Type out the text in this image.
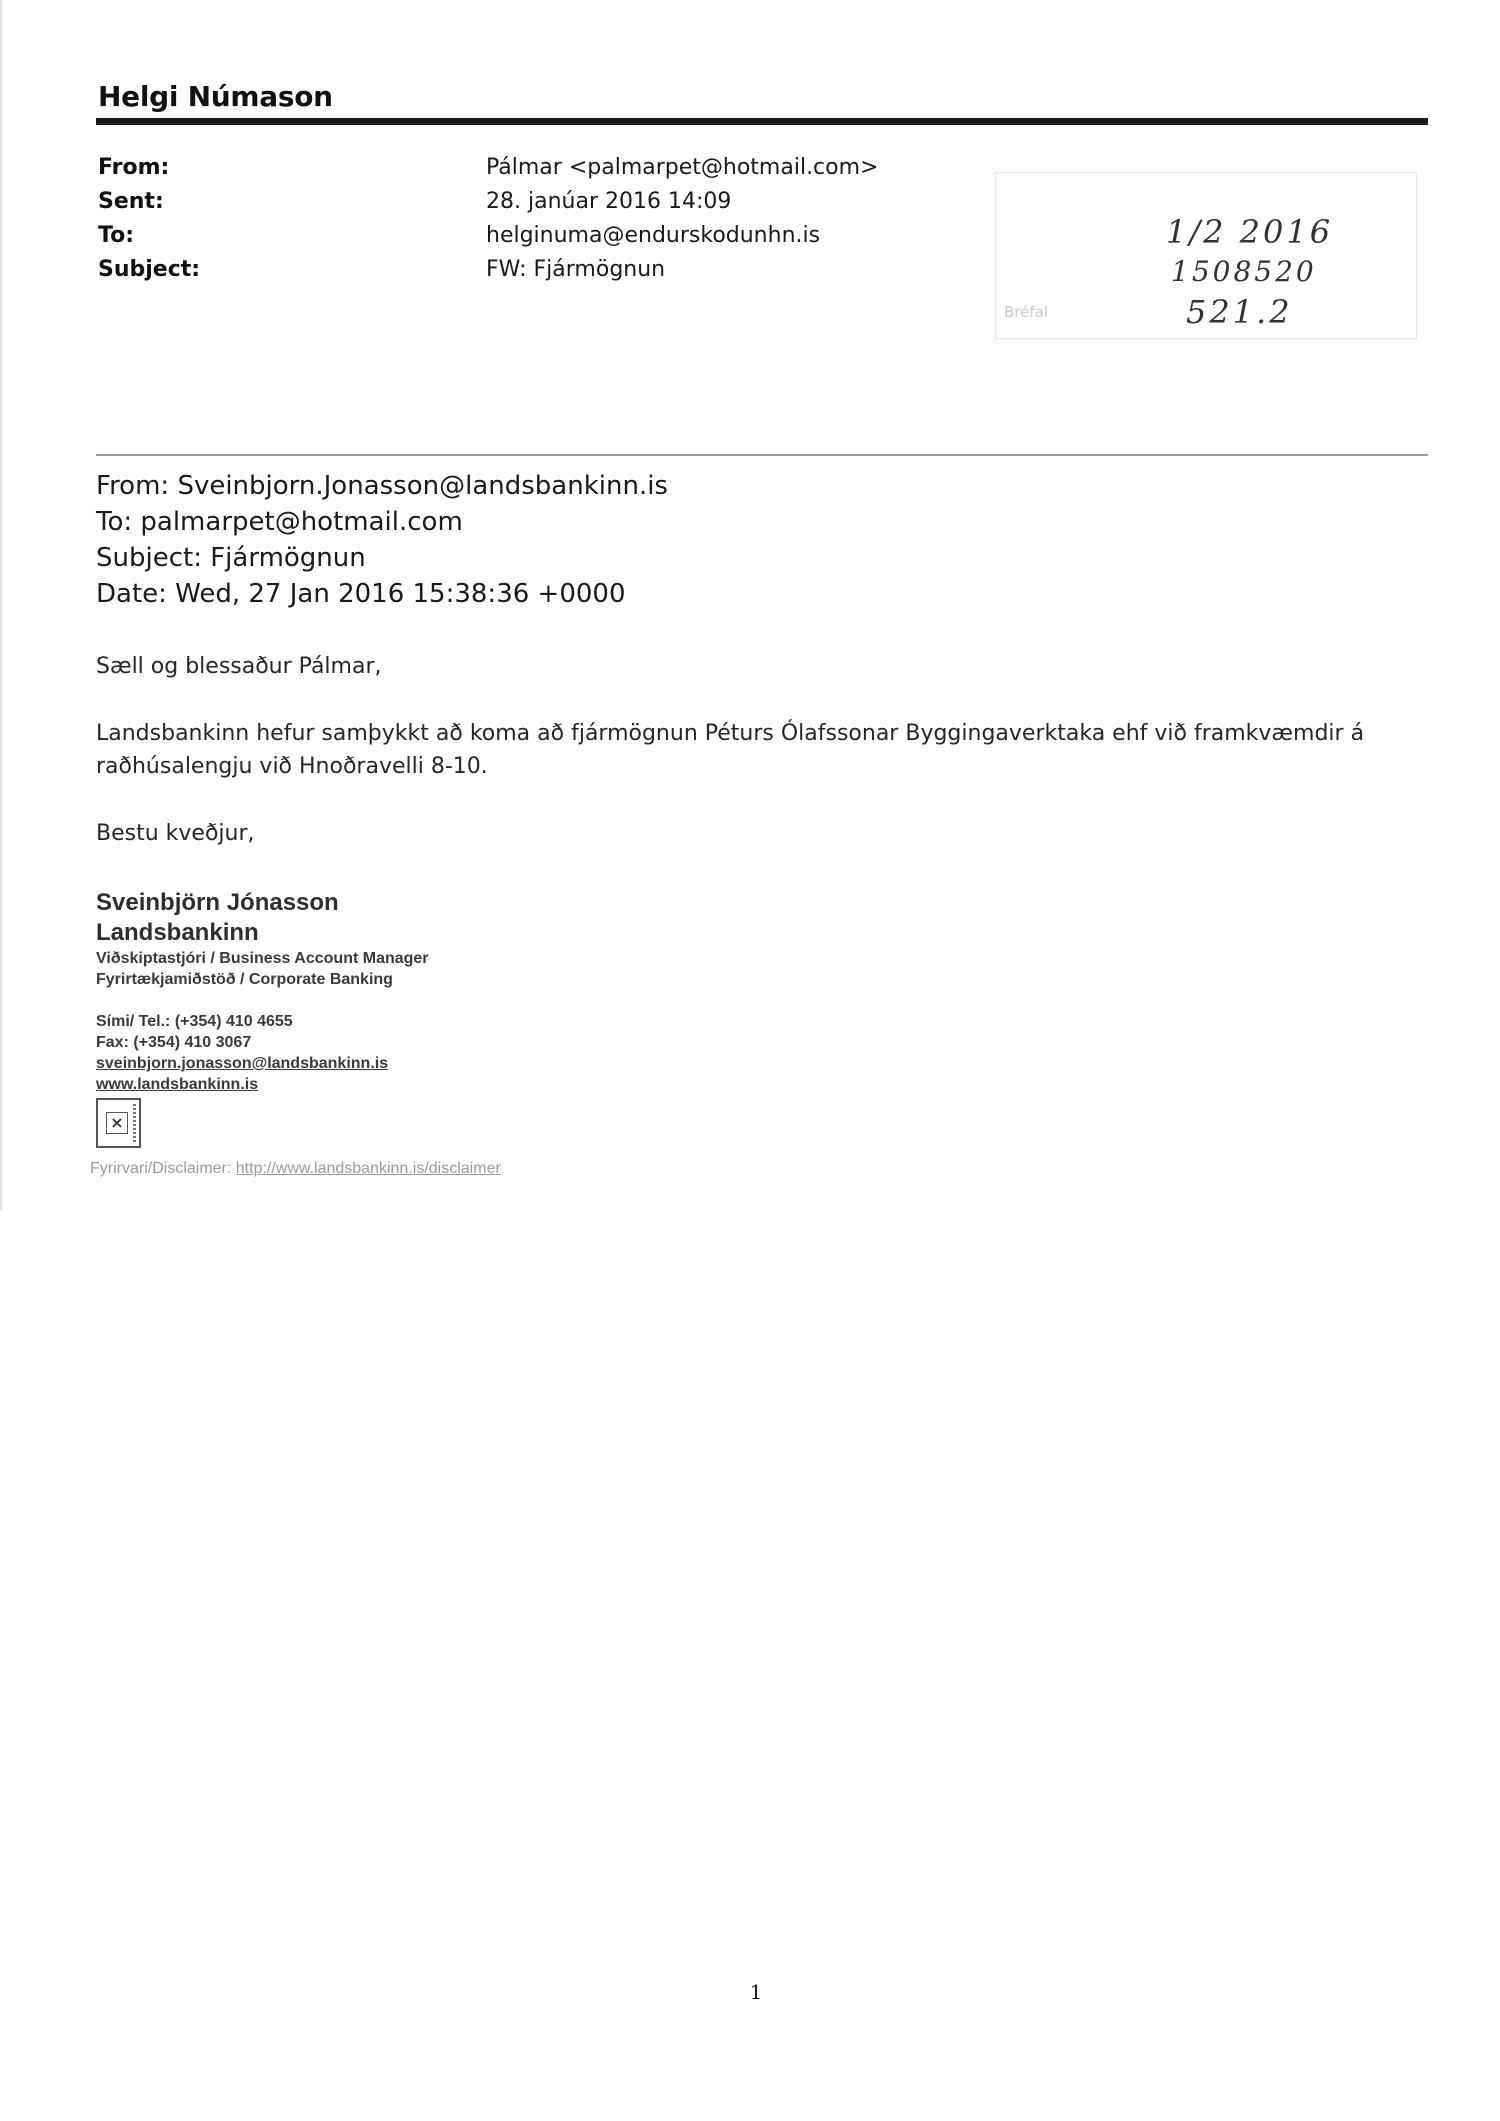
Helgi Númason
From:	Pálmar <palmarpet@hotmail.com>
Sent:	28. janúar 2016 14:09
To:	helginuma@endurskodunhn.is
Subject:	FW: Fjármögnun
Bréfal
1/2 2016
1508520
521.2
From: Sveinbjorn.Jonasson@landsbankinn.is
To: palmarpet@hotmail.com
Subject: Fjármögnun
Date: Wed, 27 Jan 2016 15:38:36 +0000
Sæll og blessaður Pálmar,
Landsbankinn hefur samþykkt að koma að fjármögnun Péturs Ólafssonar Byggingaverktaka ehf við framkvæmdir á raðhúsalengju við Hnoðravelli 8-10.
Bestu kveðjur,
Sveinbjörn Jónasson
Landsbankinn
Viðskiptastjóri / Business Account Manager
Fyrirtækjamiðstöð / Corporate Banking
Sími/ Tel.: (+354) 410 4655
Fax: (+354) 410 3067
sveinbjorn.jonasson@landsbankinn.is
www.landsbankinn.is
×
Fyrirvari/Disclaimer: http://www.landsbankinn.is/disclaimer
1
